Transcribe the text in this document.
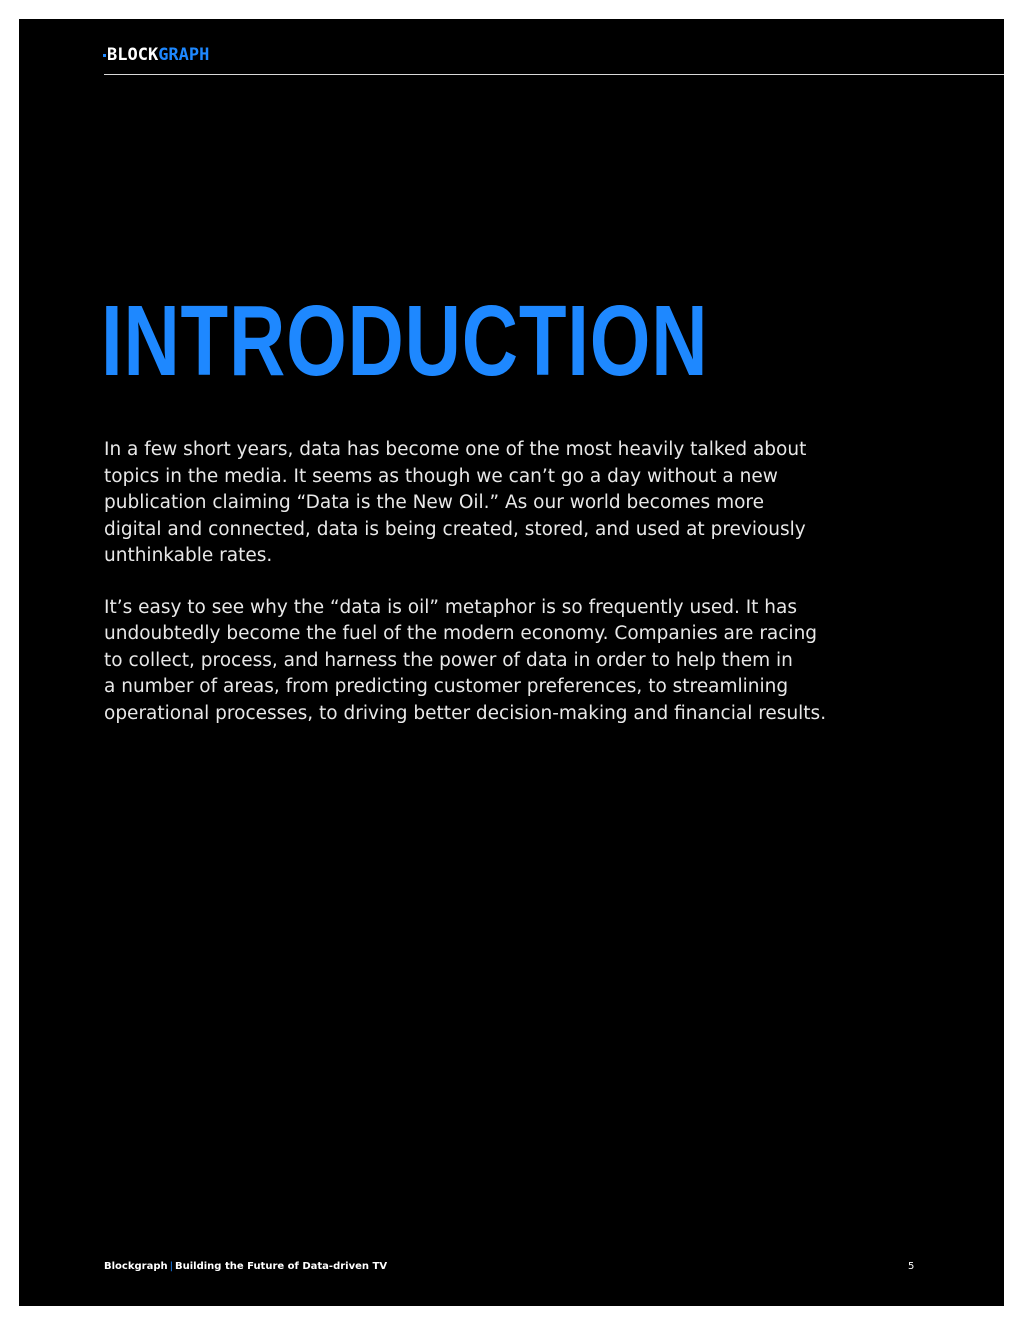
BLOCKGRAPH
INTRODUCTION

In a few short years, data has become one of the most heavily talked about
topics in the media. It seems as though we can’t go a day without a new
publication claiming “Data is the New Oil.” As our world becomes more
digital and connected, data is being created, stored, and used at previously
unthinkable rates.

It’s easy to see why the “data is oil” metaphor is so frequently used. It has
undoubtedly become the fuel of the modern economy. Companies are racing
to collect, process, and harness the power of data in order to help them in
a number of areas, from predicting customer preferences, to streamlining
operational processes, to driving better decision-making and financial results.

Blockgraph | Building the Future of Data-driven TV	5
